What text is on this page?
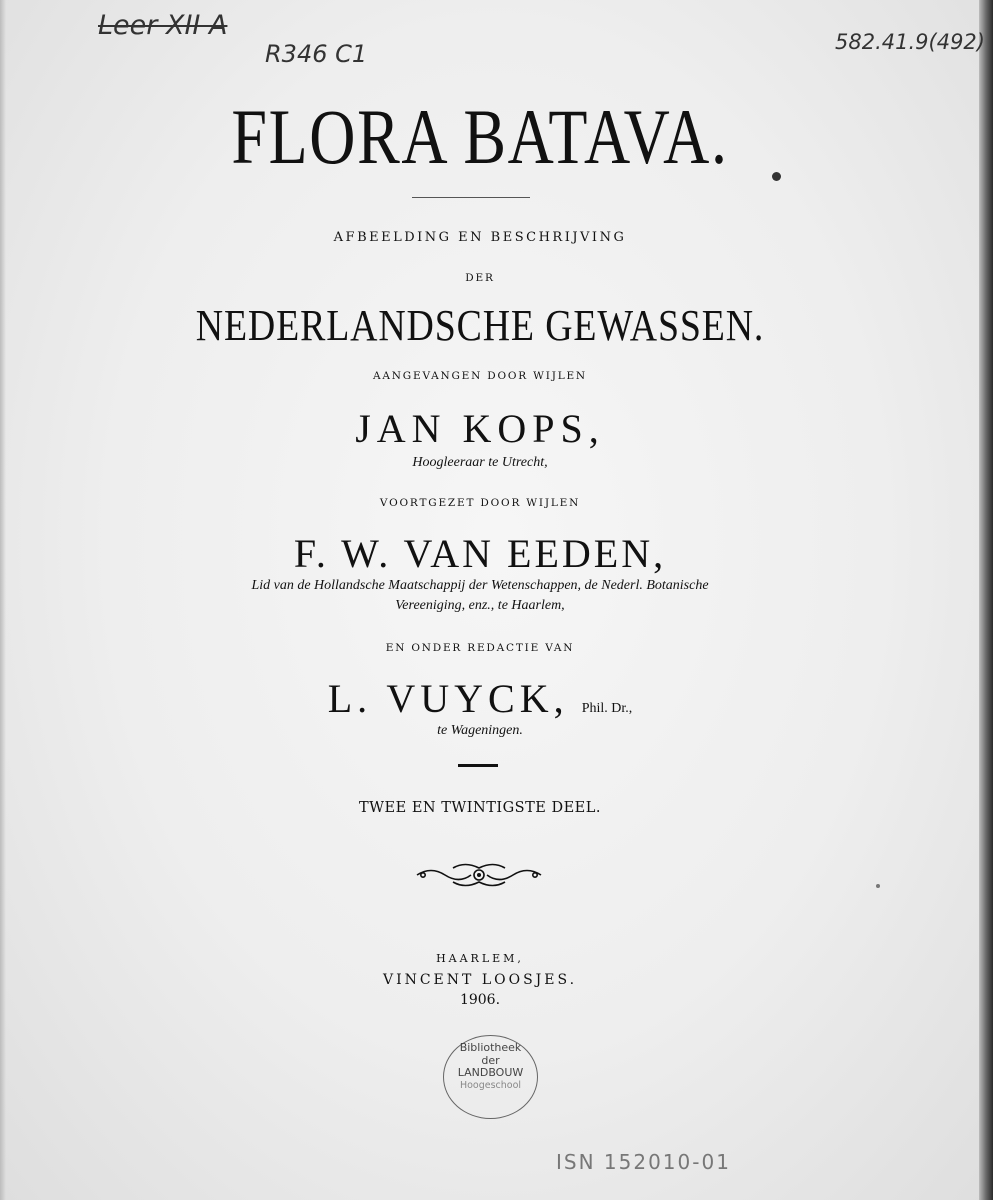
Leer XII A
R346 C1	582.41.9(492)
FLORA BATAVA.
AFBEELDING EN BESCHRIJVING
DER
NEDERLANDSCHE GEWASSEN.
AANGEVANGEN DOOR WIJLEN
JAN KOPS,
Hoogleeraar te Utrecht,
VOORTGEZET DOOR WIJLEN
F. W. VAN EEDEN,
Lid van de Hollandsche Maatschappij der Wetenschappen, de Nederl. Botanische
Vereeniging, enz., te Haarlem,
EN ONDER REDACTIE VAN
L. VUYCK, Phil. Dr.,
te Wageningen.
TWEE EN TWINTIGSTE DEEL.
HAARLEM,
VINCENT LOOSJES.
1906.
Bibliotheek
der
LANDBOUW
Hoogeschool
ISN 152010-01
